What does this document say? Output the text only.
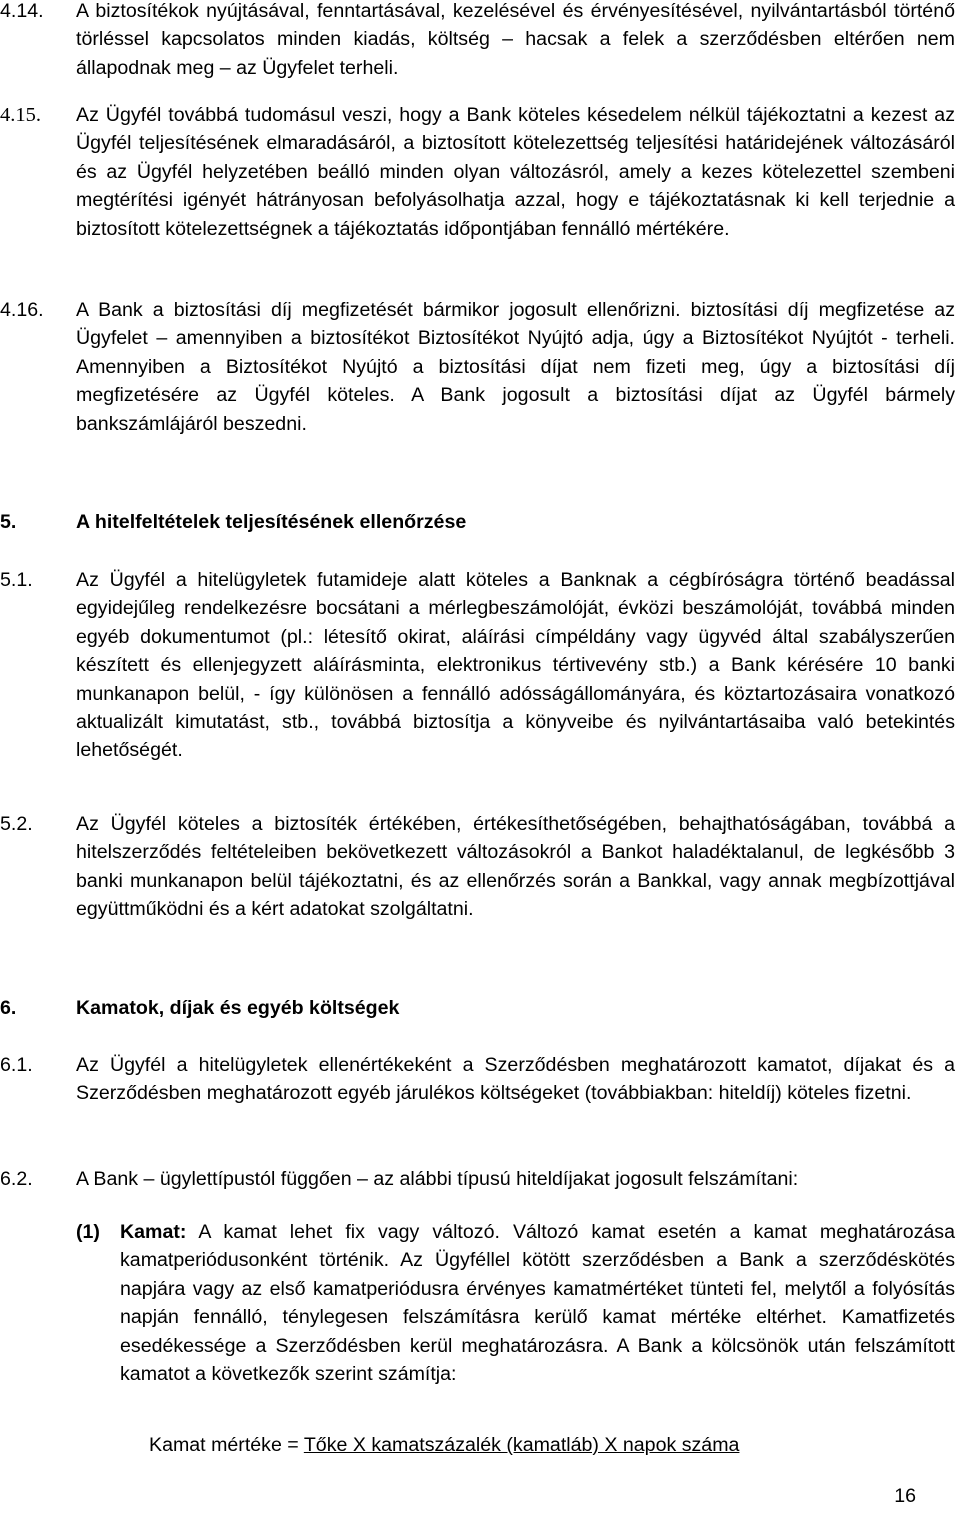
4.14. A biztosítékok nyújtásával, fenntartásával, kezelésével és érvényesítésével, nyilvántartásból történő törléssel kapcsolatos minden kiadás, költség – hacsak a felek a szerződésben eltérően nem állapodnak meg – az Ügyfelet terheli.
4.15. Az Ügyfél továbbá tudomásul veszi, hogy a Bank köteles késedelem nélkül tájékoztatni a kezest az Ügyfél teljesítésének elmaradásáról, a biztosított kötelezettség teljesítési határidejének változásáról és az Ügyfél helyzetében beálló minden olyan változásról, amely a kezes kötelezettel szembeni megtérítési igényét hátrányosan befolyásolhatja azzal, hogy e tájékoztatásnak ki kell terjednie a biztosított kötelezettségnek a tájékoztatás időpontjában fennálló mértékére.
4.16. A Bank a biztosítási díj megfizetését bármikor jogosult ellenőrizni. biztosítási díj megfizetése az Ügyfelet – amennyiben a biztosítékot Biztosítékot Nyújtó adja, úgy a Biztosítékot Nyújtót - terheli. Amennyiben a Biztosítékot Nyújtó a biztosítási díjat nem fizeti meg, úgy a biztosítási díj megfizetésére az Ügyfél köteles. A Bank jogosult a biztosítási díjat az Ügyfél bármely bankszámlájáról beszedni.
5.	A hitelfeltételek teljesítésének ellenőrzése
5.1. Az Ügyfél a hitelügyletek futamideje alatt köteles a Banknak a cégbíróságra történő beadással egyidejűleg rendelkezésre bocsátani a mérlegbeszámolóját, évközi beszámolóját, továbbá minden egyéb dokumentumot (pl.: létesítő okirat, aláírási címpéldány vagy ügyvéd által szabályszerűen készített és ellenjegyzett aláírásminta, elektronikus tértivevény stb.) a Bank kérésére 10 banki munkanapon belül, - így különösen a fennálló adósságállományára, és köztartozásaira vonatkozó aktualizált kimutatást, stb., továbbá biztosítja a könyveibe és nyilvántartásaiba való betekintés lehetőségét.
5.2. Az Ügyfél köteles a biztosíték értékében, értékesíthetőségében, behajthatóságában, továbbá a hitelszerződés feltételeiben bekövetkezett változásokról a Bankot haladéktalanul, de legkésőbb 3 banki munkanapon belül tájékoztatni, és az ellenőrzés során a Bankkal, vagy annak megbízottjával együttműködni és a kért adatokat szolgáltatni.
6.	Kamatok, díjak és egyéb költségek
6.1. Az Ügyfél a hitelügyletek ellenértékeként a Szerződésben meghatározott kamatot, díjakat és a Szerződésben meghatározott egyéb járulékos költségeket (továbbiakban: hiteldíj) köteles fizetni.
6.2. A Bank – ügylettípustól függően – az alábbi típusú hiteldíjakat jogosult felszámítani:
(1) Kamat: A kamat lehet fix vagy változó. Változó kamat esetén a kamat meghatározása kamatperiódusonként történik. Az Ügyféllel kötött szerződésben a Bank a szerződéskötés napjára vagy az első kamatperiódusra érvényes kamatmértéket tünteti fel, melytől a folyósítás napján fennálló, ténylegesen felszámításra kerülő kamat mértéke eltérhet. Kamatfizetés esedékessége a Szerződésben kerül meghatározásra. A Bank a kölcsönök után felszámított kamatot a következők szerint számítja:
Kamat mértéke = Tőke X kamatszázalék (kamatláb) X napok száma
16
